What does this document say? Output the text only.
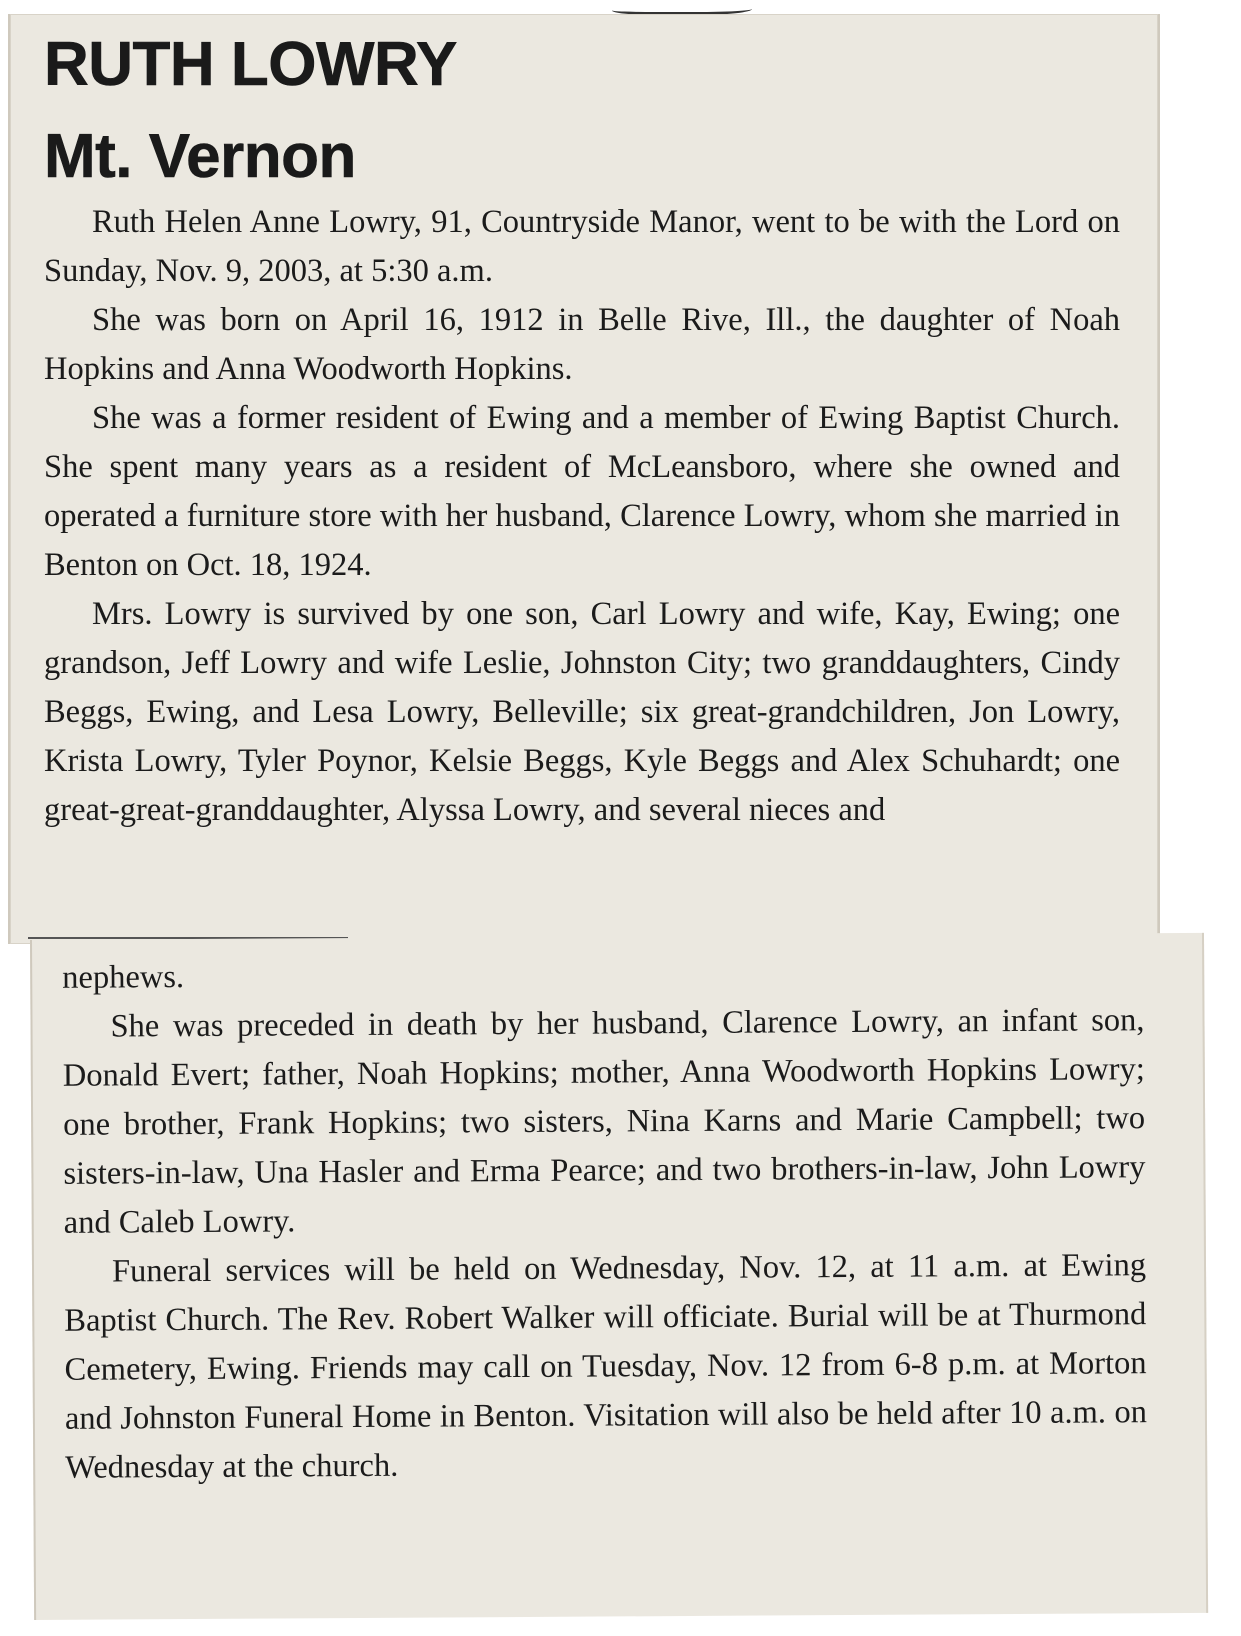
RUTH LOWRY
Mt. Vernon

Ruth Helen Anne Lowry, 91, Countryside Manor, went to be with the Lord on Sunday, Nov. 9, 2003, at 5:30 a.m.

She was born on April 16, 1912 in Belle Rive, Ill., the daughter of Noah Hopkins and Anna Woodworth Hopkins.

She was a former resident of Ewing and a member of Ewing Baptist Church. She spent many years as a resident of McLeansboro, where she owned and operated a furniture store with her husband, Clarence Lowry, whom she married in Benton on Oct. 18, 1924.

Mrs. Lowry is survived by one son, Carl Lowry and wife, Kay, Ewing; one grandson, Jeff Lowry and wife Leslie, Johnston City; two granddaughters, Cindy Beggs, Ewing, and Lesa Lowry, Belleville; six great-grandchildren, Jon Lowry, Krista Lowry, Tyler Poynor, Kelsie Beggs, Kyle Beggs and Alex Schuhardt; one great-great-granddaughter, Alyssa Lowry, and several nieces and

nephews.

She was preceded in death by her husband, Clarence Lowry, an infant son, Donald Evert; father, Noah Hopkins; mother, Anna Woodworth Hopkins Lowry; one brother, Frank Hopkins; two sisters, Nina Karns and Marie Campbell; two sisters-in-law, Una Hasler and Erma Pearce; and two brothers-in-law, John Lowry and Caleb Lowry.

Funeral services will be held on Wednesday, Nov. 12, at 11 a.m. at Ewing Baptist Church. The Rev. Robert Walker will officiate. Burial will be at Thurmond Cemetery, Ewing. Friends may call on Tuesday, Nov. 12 from 6-8 p.m. at Morton and Johnston Funeral Home in Benton. Visitation will also be held after 10 a.m. on Wednesday at the church.
